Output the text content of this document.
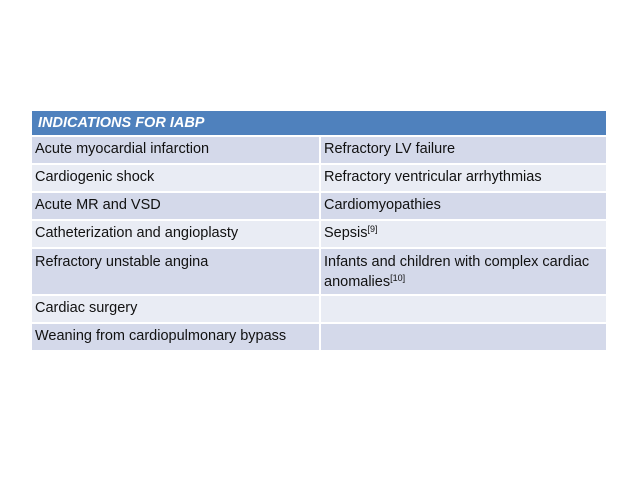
INDICATIONS FOR IABP	
Acute myocardial infarction	Refractory LV failure
Cardiogenic shock	Refractory ventricular arrhythmias
Acute MR and VSD	Cardiomyopathies
Catheterization and angioplasty	Sepsis[9]
Refractory unstable angina	Infants and children with complex cardiac anomalies[10]
Cardiac surgery	
Weaning from cardiopulmonary bypass	
